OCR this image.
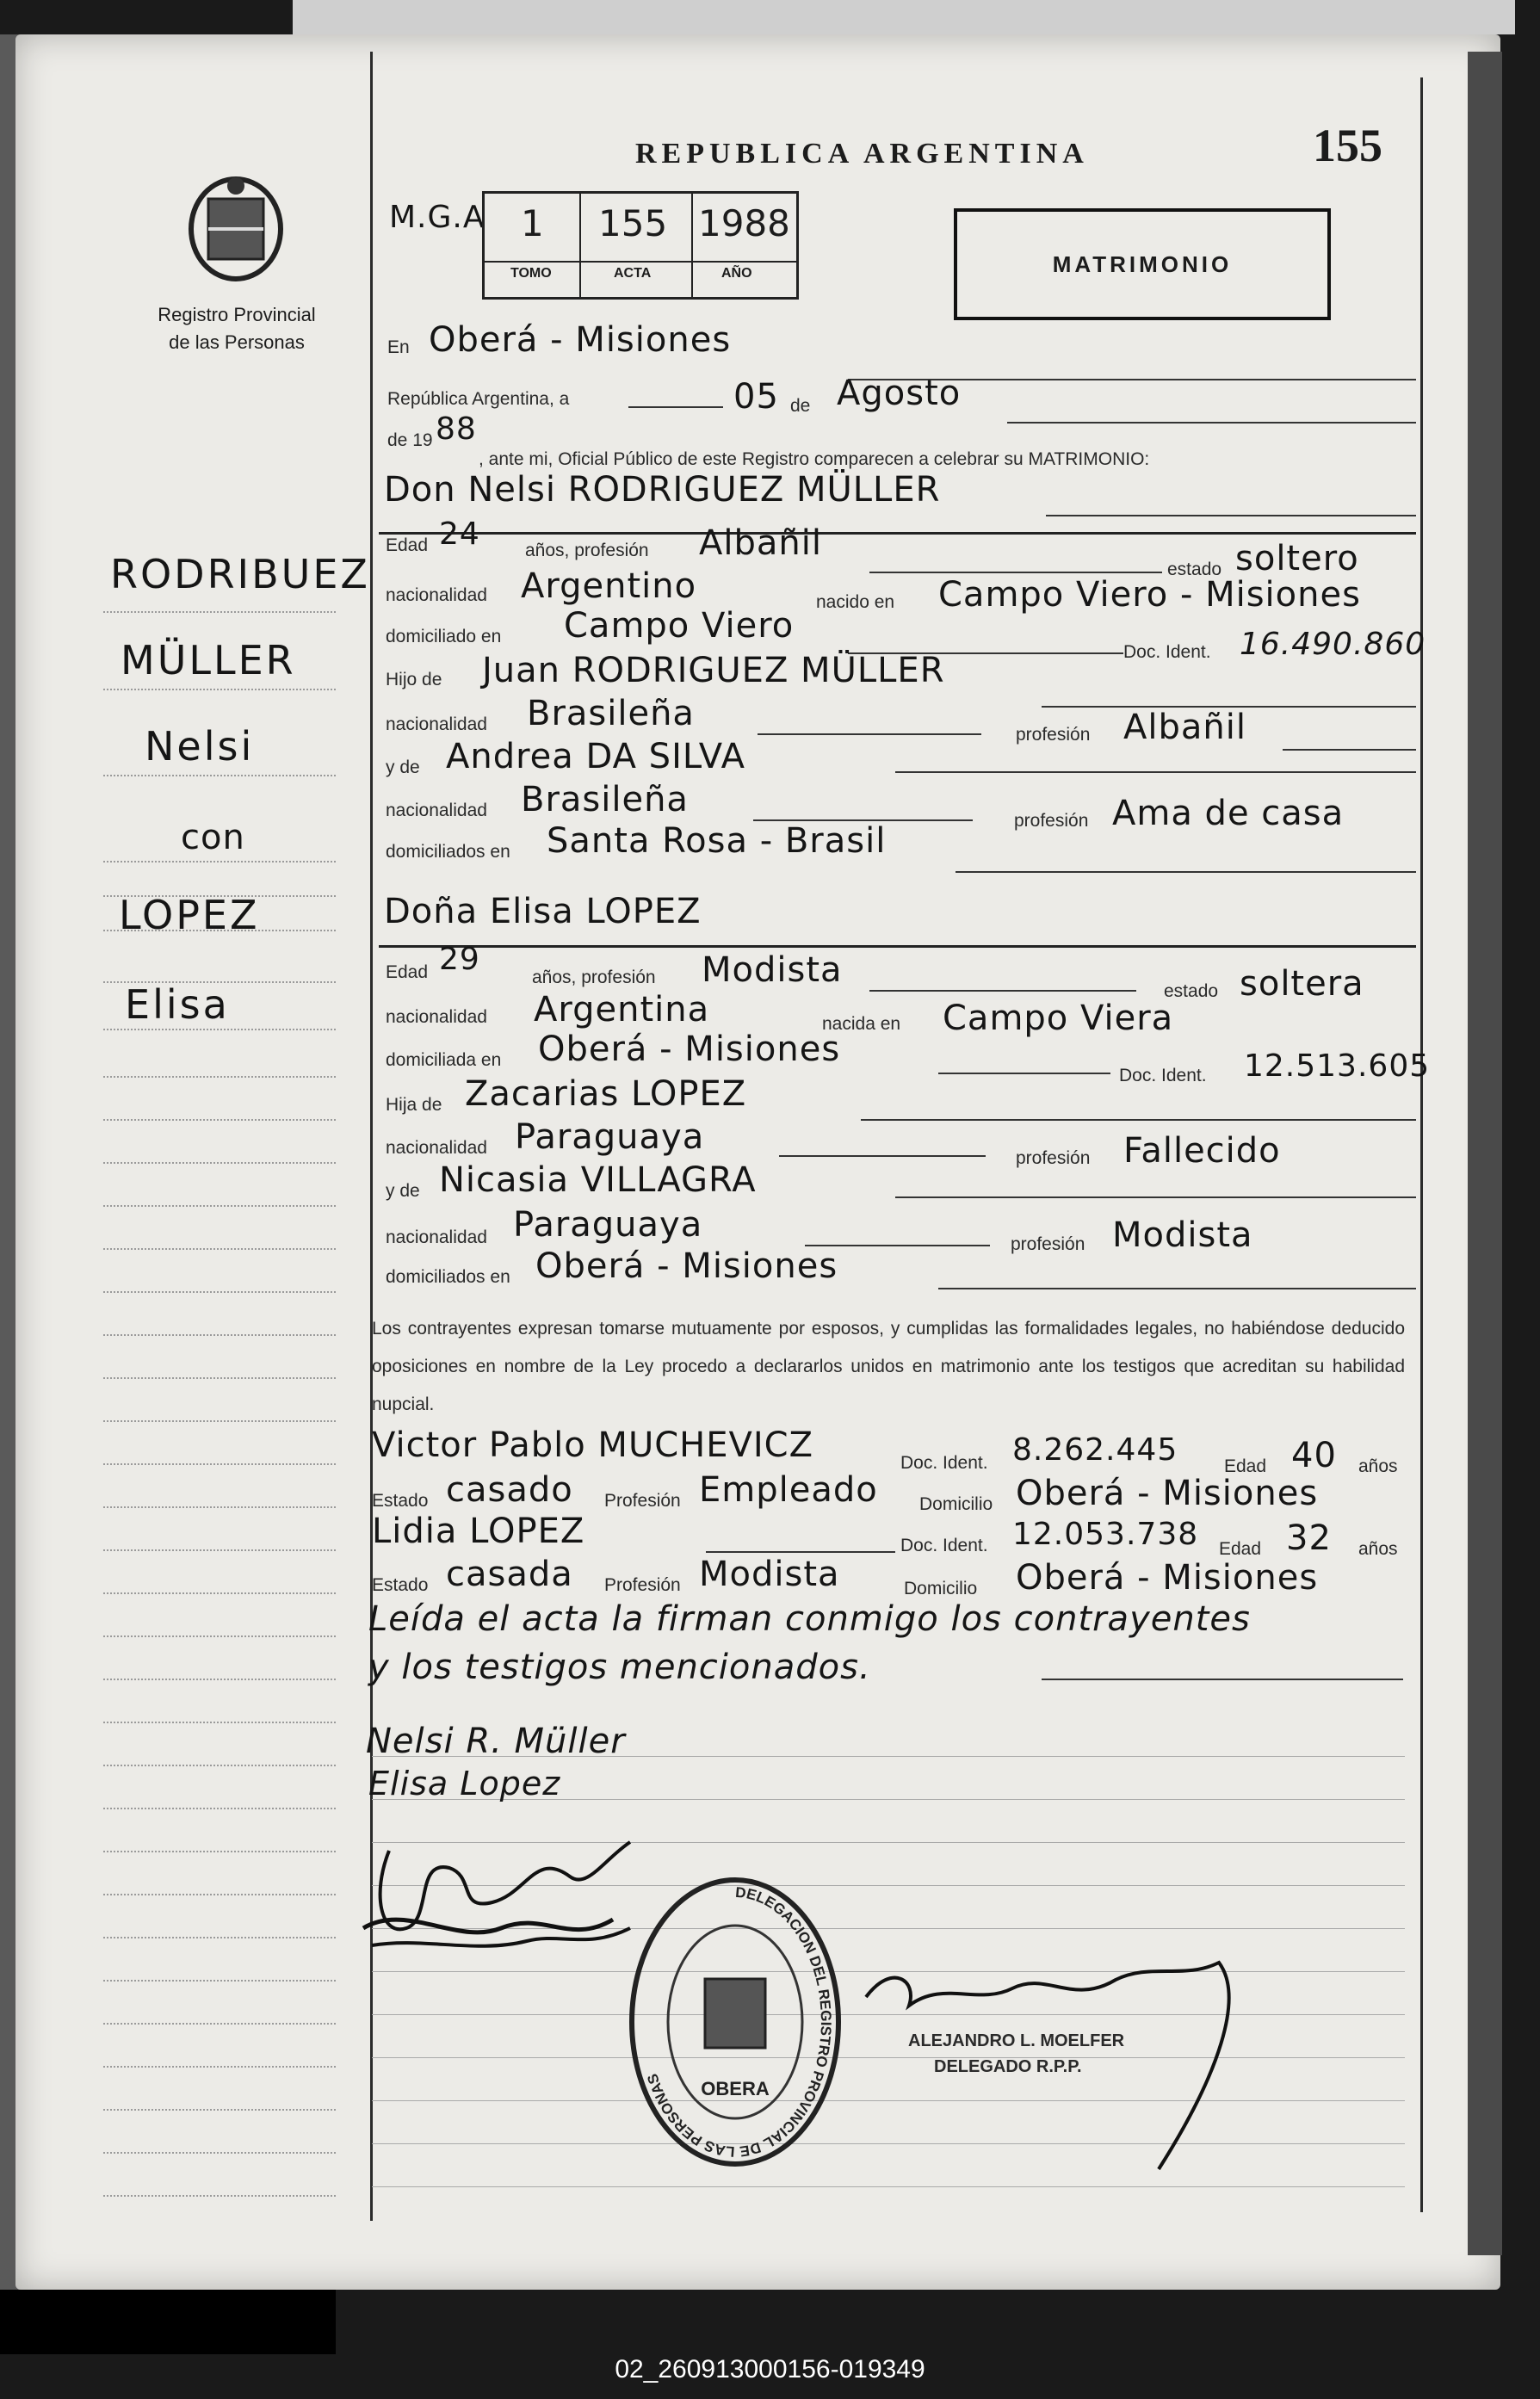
Registro Provincial
de las Personas
REPUBLICA ARGENTINA	155
M.G.A 1 155 1988
TOMO	ACTA	AÑO	MATRIMONIO
RODRIBUEZ
MÜLLER
Nelsi
con
LOPEZ
Elisa
En Oberá - Misiones
República Argentina, a	05 de Agosto
de 19 88
, ante mi, Oficial Público de este Registro comparecen a celebrar su MATRIMONIO:
Don Nelsi RODRIGUEZ MÜLLER
Edad 24 años, profesión Albañil
estado soltero
nacionalidad Argentino	nacido en Campo Viero - Misiones
domiciliado en Campo Viero
Doc. Ident. 16.490.860
Hijo de Juan RODRIGUEZ MÜLLER
nacionalidad Brasileña
profesión Albañil
y de Andrea DA SILVA
nacionalidad Brasileña
profesión Ama de casa
domiciliados en Santa Rosa - Brasil
Doña Elisa LOPEZ
Edad 29
años, profesión Modista
estado soltera
nacionalidad Argentina	nacida en Campo Viera
domiciliada en Oberá - Misiones
Doc. Ident. 12.513.605
Hija de Zacarias LOPEZ
nacionalidad Paraguaya
profesión Fallecido
y de Nicasia VILLAGRA
nacionalidad Paraguaya	profesión Modista
domiciliados en Oberá - Misiones
Los contrayentes expresan tomarse mutuamente por esposos, y cumplidas las formalidades legales, no habiéndose deducido oposiciones en nombre de la Ley procedo a declararlos unidos en matrimonio ante los testigos que acreditan su habilidad nupcial.
Victor Pablo MUCHEVICZ	Doc. Ident. 8.262.445	Edad 40 años
Estado casado Profesión Empleado Domicilio Oberá - Misiones
Lidia LOPEZ	Doc. Ident. 12.053.738 Edad 32 años
Estado casada Profesión Modista	Domicilio Oberá - Misiones
Leída el acta la firman conmigo los contrayentes
y los testigos mencionados.
Nelsi R. Müller
Elisa Lopez
DELEGACION DEL REGISTRO PROVINCIAL DE LAS PERSONAS	OBERA
ALEJANDRO L. MOELFER
DELEGADO R.P.P.
02_260913000156-019349
